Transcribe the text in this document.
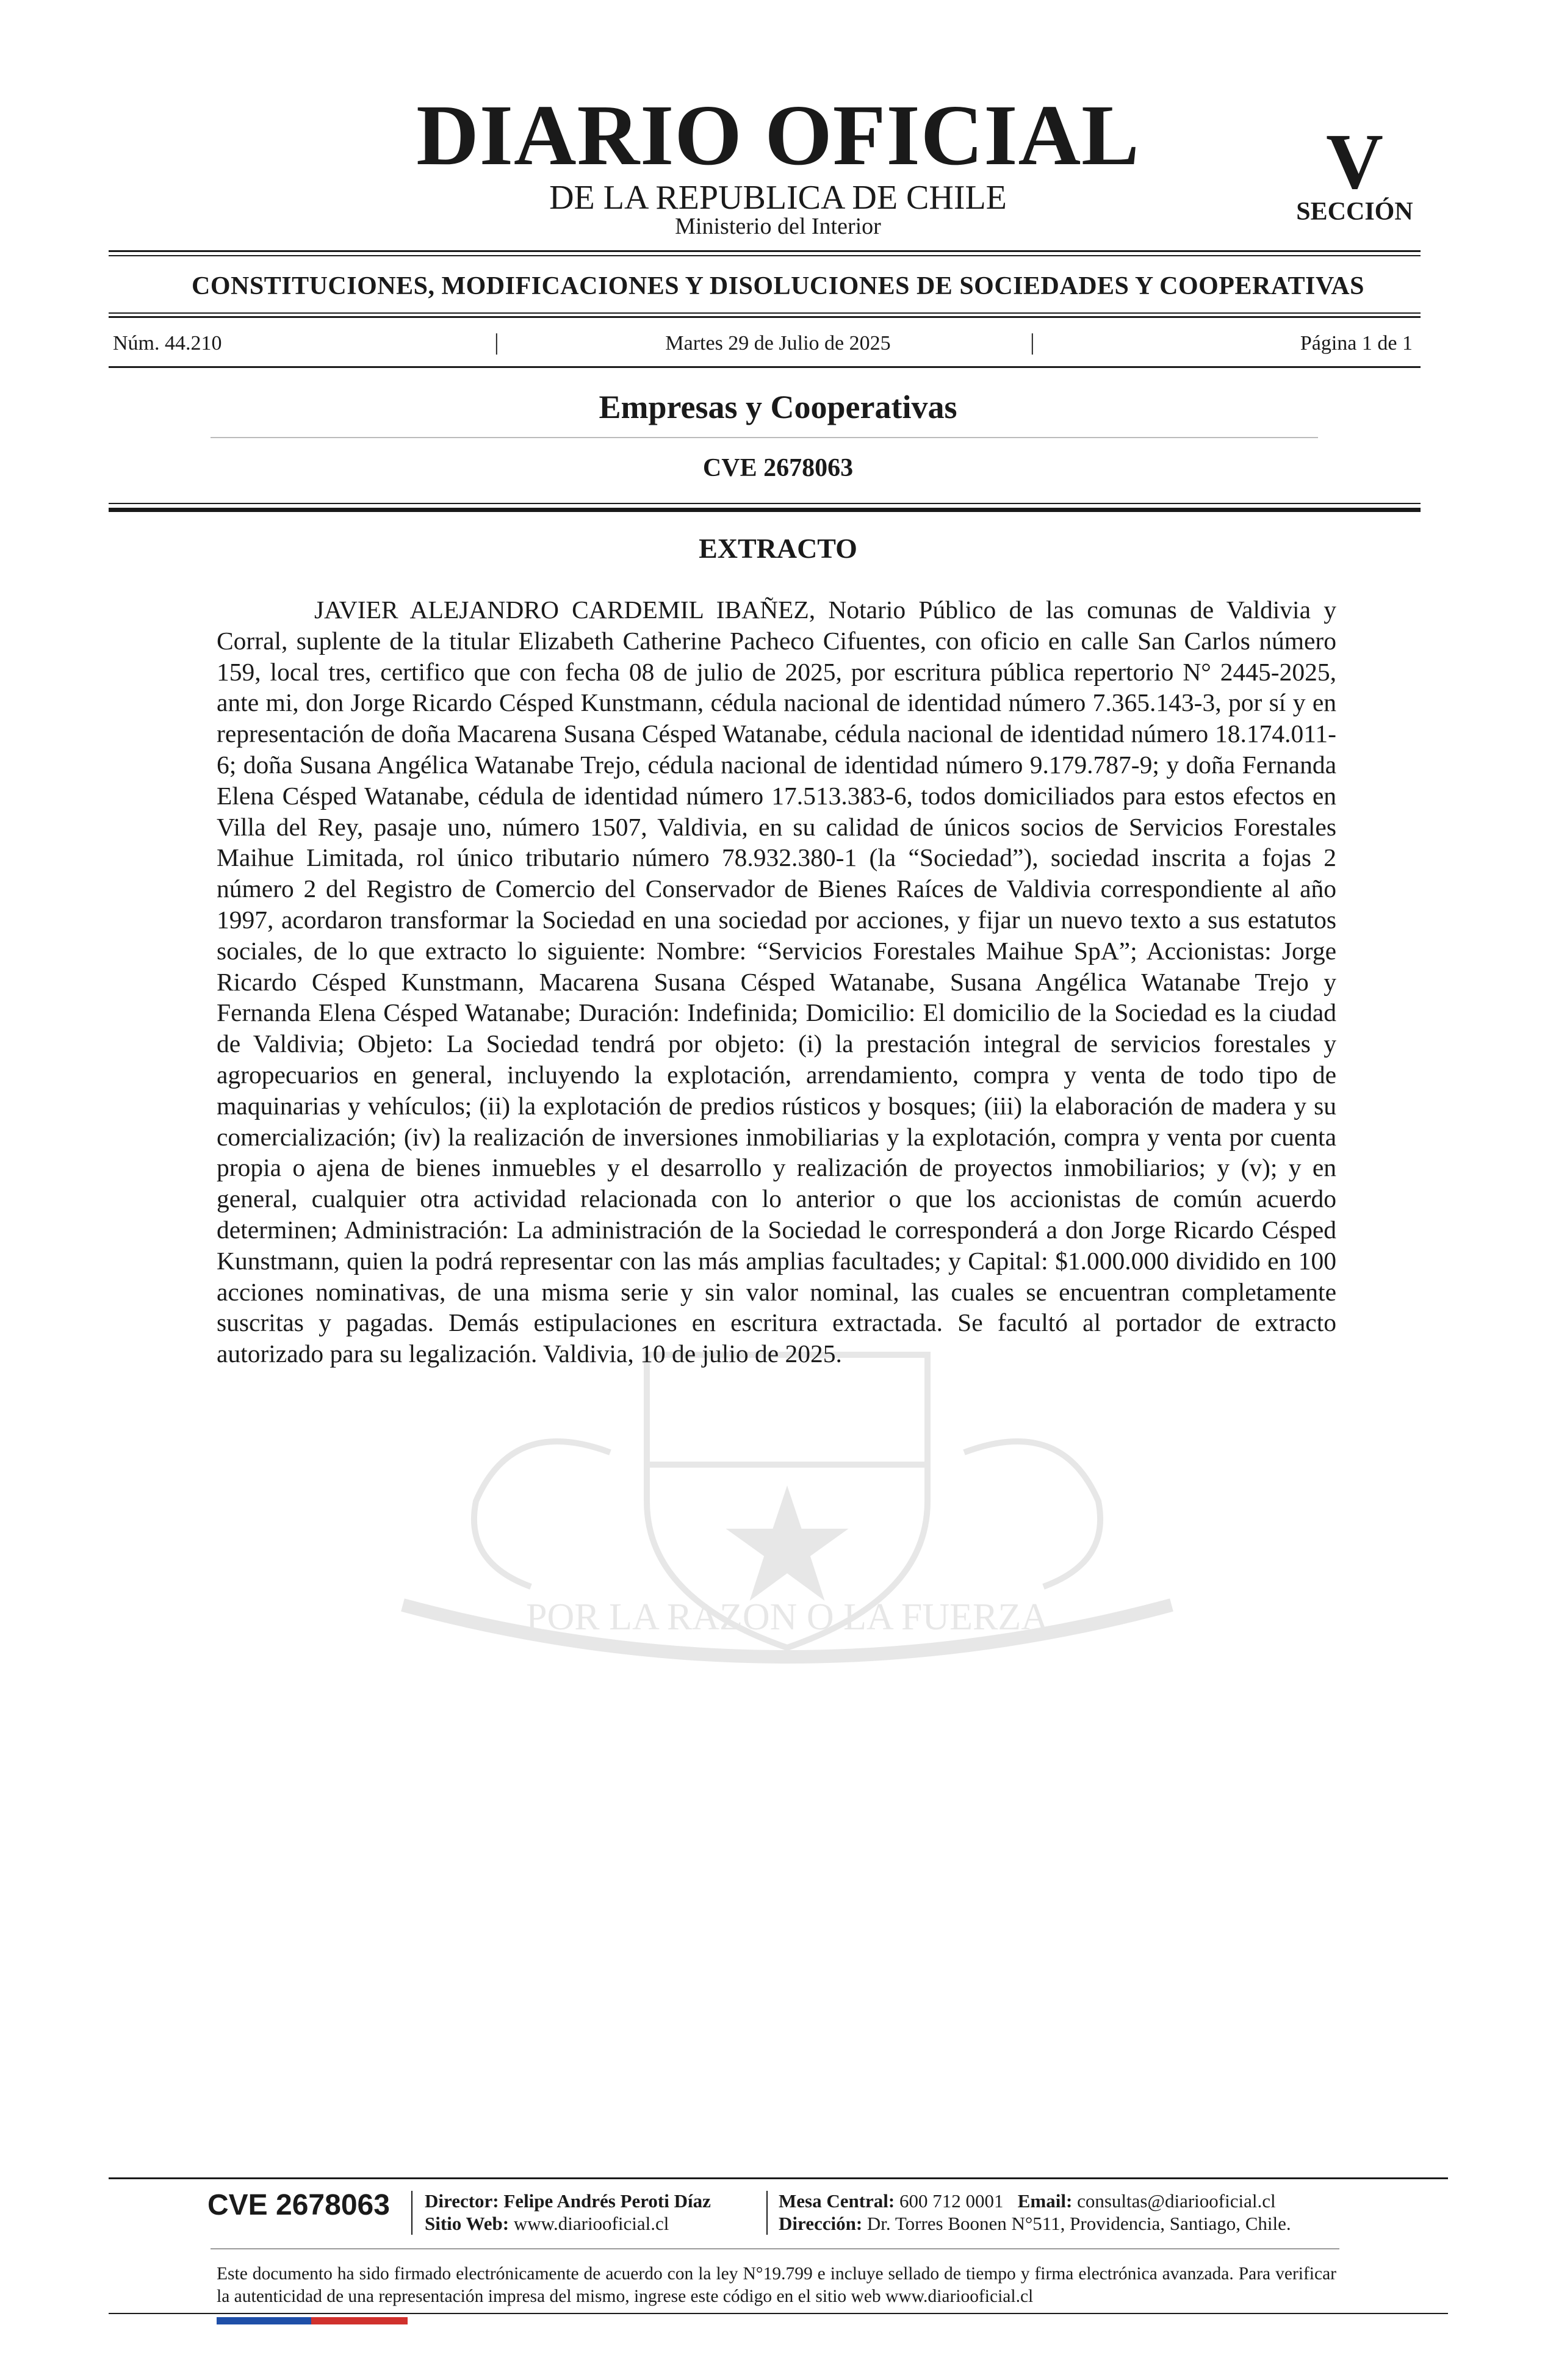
DIARIO OFICIAL
DE LA REPUBLICA DE CHILE
Ministerio del Interior
V
SECCIÓN
CONSTITUCIONES, MODIFICACIONES Y DISOLUCIONES DE SOCIEDADES Y COOPERATIVAS
Núm. 44.210	|	Martes 29 de Julio de 2025	|	Página 1 de 1
Empresas y Cooperativas
CVE 2678063
EXTRACTO

JAVIER ALEJANDRO CARDEMIL IBAÑEZ, Notario Público de las comunas de Valdivia y Corral, suplente de la titular Elizabeth Catherine Pacheco Cifuentes, con oficio en calle San Carlos número 159, local tres, certifico que con fecha 08 de julio de 2025, por escritura pública repertorio N° 2445-2025, ante mi, don Jorge Ricardo Césped Kunstmann, cédula nacional de identidad número 7.365.143-3, por sí y en representación de doña Macarena Susana Césped Watanabe, cédula nacional de identidad número 18.174.011-6; doña Susana Angélica Watanabe Trejo, cédula nacional de identidad número 9.179.787-9; y doña Fernanda Elena Césped Watanabe, cédula de identidad número 17.513.383-6, todos domiciliados para estos efectos en Villa del Rey, pasaje uno, número 1507, Valdivia, en su calidad de únicos socios de Servicios Forestales Maihue Limitada, rol único tributario número 78.932.380-1 (la “Sociedad”), sociedad inscrita a fojas 2 número 2 del Registro de Comercio del Conservador de Bienes Raíces de Valdivia correspondiente al año 1997, acordaron transformar la Sociedad en una sociedad por acciones, y fijar un nuevo texto a sus estatutos sociales, de lo que extracto lo siguiente: Nombre: “Servicios Forestales Maihue SpA”; Accionistas: Jorge Ricardo Césped Kunstmann, Macarena Susana Césped Watanabe, Susana Angélica Watanabe Trejo y Fernanda Elena Césped Watanabe; Duración: Indefinida; Domicilio: El domicilio de la Sociedad es la ciudad de Valdivia; Objeto: La Sociedad tendrá por objeto: (i) la prestación integral de servicios forestales y agropecuarios en general, incluyendo la explotación, arrendamiento, compra y venta de todo tipo de maquinarias y vehículos; (ii) la explotación de predios rústicos y bosques; (iii) la elaboración de madera y su comercialización; (iv) la realización de inversiones inmobiliarias y la explotación, compra y venta por cuenta propia o ajena de bienes inmuebles y el desarrollo y realización de proyectos inmobiliarios; y (v); y en general, cualquier otra actividad relacionada con lo anterior o que los accionistas de común acuerdo determinen; Administración: La administración de la Sociedad le corresponderá a don Jorge Ricardo Césped Kunstmann, quien la podrá representar con las más amplias facultades; y Capital: $1.000.000 dividido en 100 acciones nominativas, de una misma serie y sin valor nominal, las cuales se encuentran completamente suscritas y pagadas. Demás estipulaciones en escritura extractada. Se facultó al portador de extracto autorizado para su legalización. Valdivia, 10 de julio de 2025.

POR LA RAZON O LA FUERZA
CVE 2678063 Director: Felipe Andrés Peroti Díaz
Sitio Web: www.diariooficial.cl
Mesa Central: 600 712 0001 Email: consultas@diariooficial.cl
Dirección: Dr. Torres Boonen N°511, Providencia, Santiago, Chile.

Este documento ha sido firmado electrónicamente de acuerdo con la ley N°19.799 e incluye sellado de tiempo y firma electrónica avanzada. Para verificar la autenticidad de una representación impresa del mismo, ingrese este código en el sitio web www.diariooficial.cl
